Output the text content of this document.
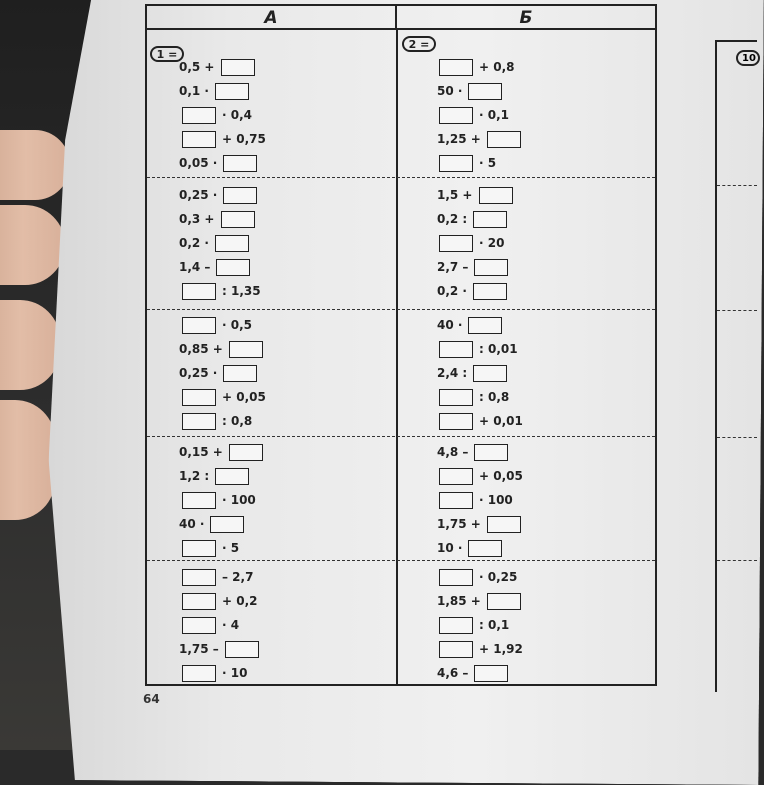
10
А	Б
1 =
2 =
0,5 +
0,1 ·
· 0,4
+ 0,75
0,05 ·
0,25 ·
0,3 +
0,2 ·
1,4 –
: 1,35
· 0,5
0,85 +
0,25 ·
+ 0,05
: 0,8
0,15 +
1,2 :
· 100
40 ·
· 5
– 2,7
+ 0,2
· 4
1,75 –
· 10
+ 0,8
50 ·
· 0,1
1,25 +
· 5
1,5 +
0,2 :
· 20
2,7 –
0,2 ·
40 ·
: 0,01
2,4 :
: 0,8
+ 0,01
4,8 –
+ 0,05
· 100
1,75 +
10 ·
· 0,25
1,85 +
: 0,1
+ 1,92
4,6 –
64
